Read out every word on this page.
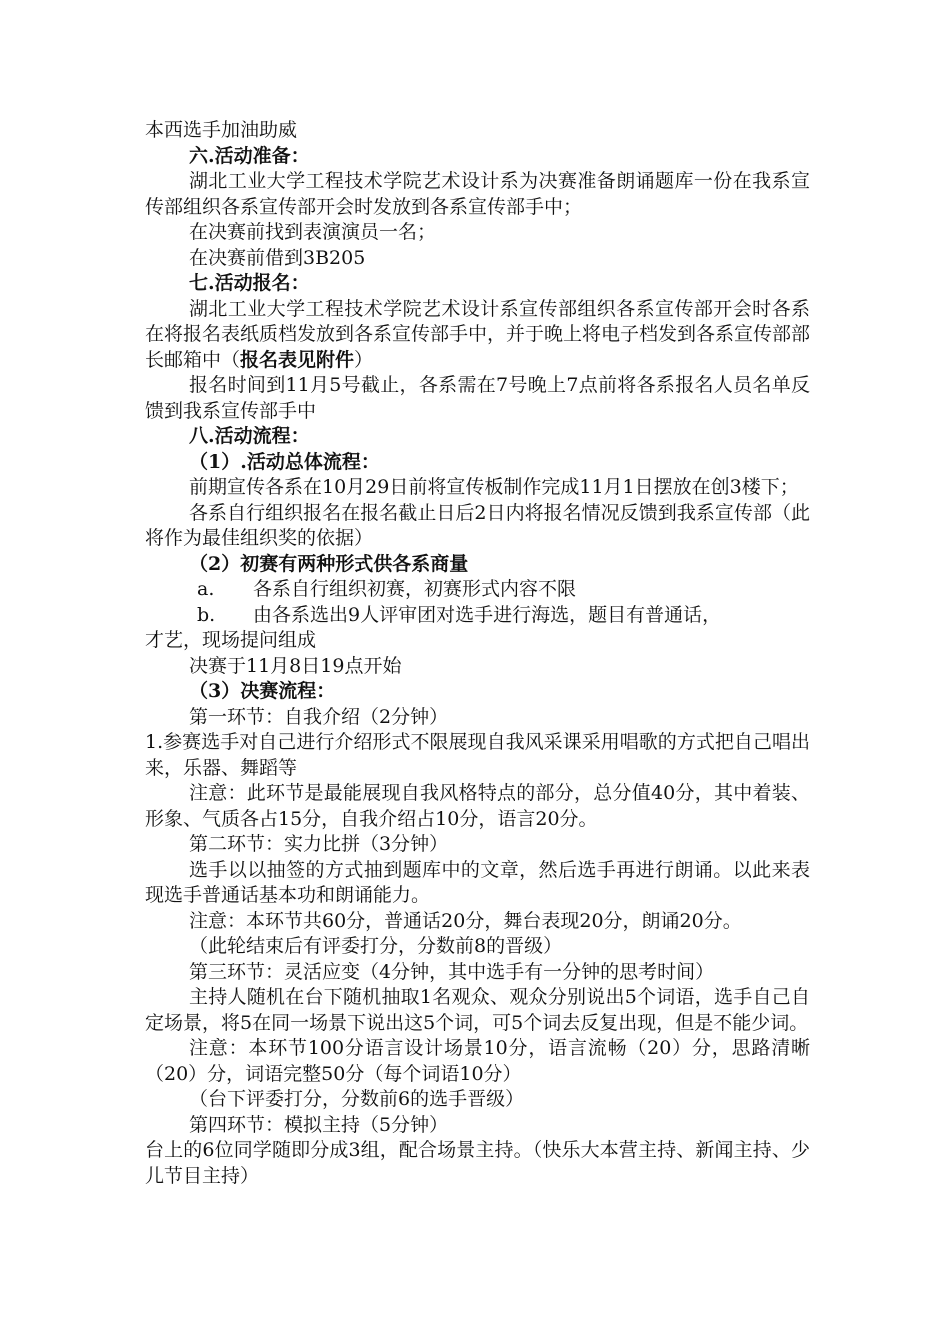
本西选手加油助威

六.活动准备：

湖北工业大学工程技术学院艺术设计系为决赛准备朗诵题库一份在我系宣传部组织各系宣传部开会时发放到各系宣传部手中；

在决赛前找到表演演员一名；

在决赛前借到3B205

七.活动报名：

湖北工业大学工程技术学院艺术设计系宣传部组织各系宣传部开会时各系在将报名表纸质档发放到各系宣传部手中，并于晚上将电子档发到各系宣传部部长邮箱中（报名表见附件）

报名时间到11月5号截止，各系需在7号晚上7点前将各系报名人员名单反馈到我系宣传部手中

八.活动流程：

（1）.活动总体流程：

前期宣传各系在10月29日前将宣传板制作完成11月1日摆放在创3楼下；

各系自行组织报名在报名截止日后2日内将报名情况反馈到我系宣传部（此将作为最佳组织奖的依据）

（2）初赛有两种形式供各系商量

a. 各系自行组织初赛，初赛形式内容不限

b. 由各系选出9人评审团对选手进行海选，题目有普通话，

才艺，现场提问组成

决赛于11月8日19点开始

（3）决赛流程：

第一环节：自我介绍（2分钟）

1.参赛选手对自己进行介绍形式不限展现自我风采课采用唱歌的方式把自己唱出来，乐器、舞蹈等

注意：此环节是最能展现自我风格特点的部分，总分值40分，其中着装、形象、气质各占15分，自我介绍占10分，语言20分。

第二环节：实力比拼（3分钟）

选手以以抽签的方式抽到题库中的文章，然后选手再进行朗诵。以此来表现选手普通话基本功和朗诵能力。

注意：本环节共60分，普通话20分，舞台表现20分，朗诵20分。

（此轮结束后有评委打分，分数前8的晋级）

第三环节：灵活应变（4分钟，其中选手有一分钟的思考时间）

主持人随机在台下随机抽取1名观众、观众分别说出5个词语，选手自己自定场景，将5在同一场景下说出这5个词，可5个词去反复出现，但是不能少词。

注意：本环节100分语言设计场景10分，语言流畅（20）分，思路清晰（20）分，词语完整50分（每个词语10分）

（台下评委打分，分数前6的选手晋级）

第四环节：模拟主持（5分钟）

台上的6位同学随即分成3组，配合场景主持。（快乐大本营主持、新闻主持、少儿节目主持）
